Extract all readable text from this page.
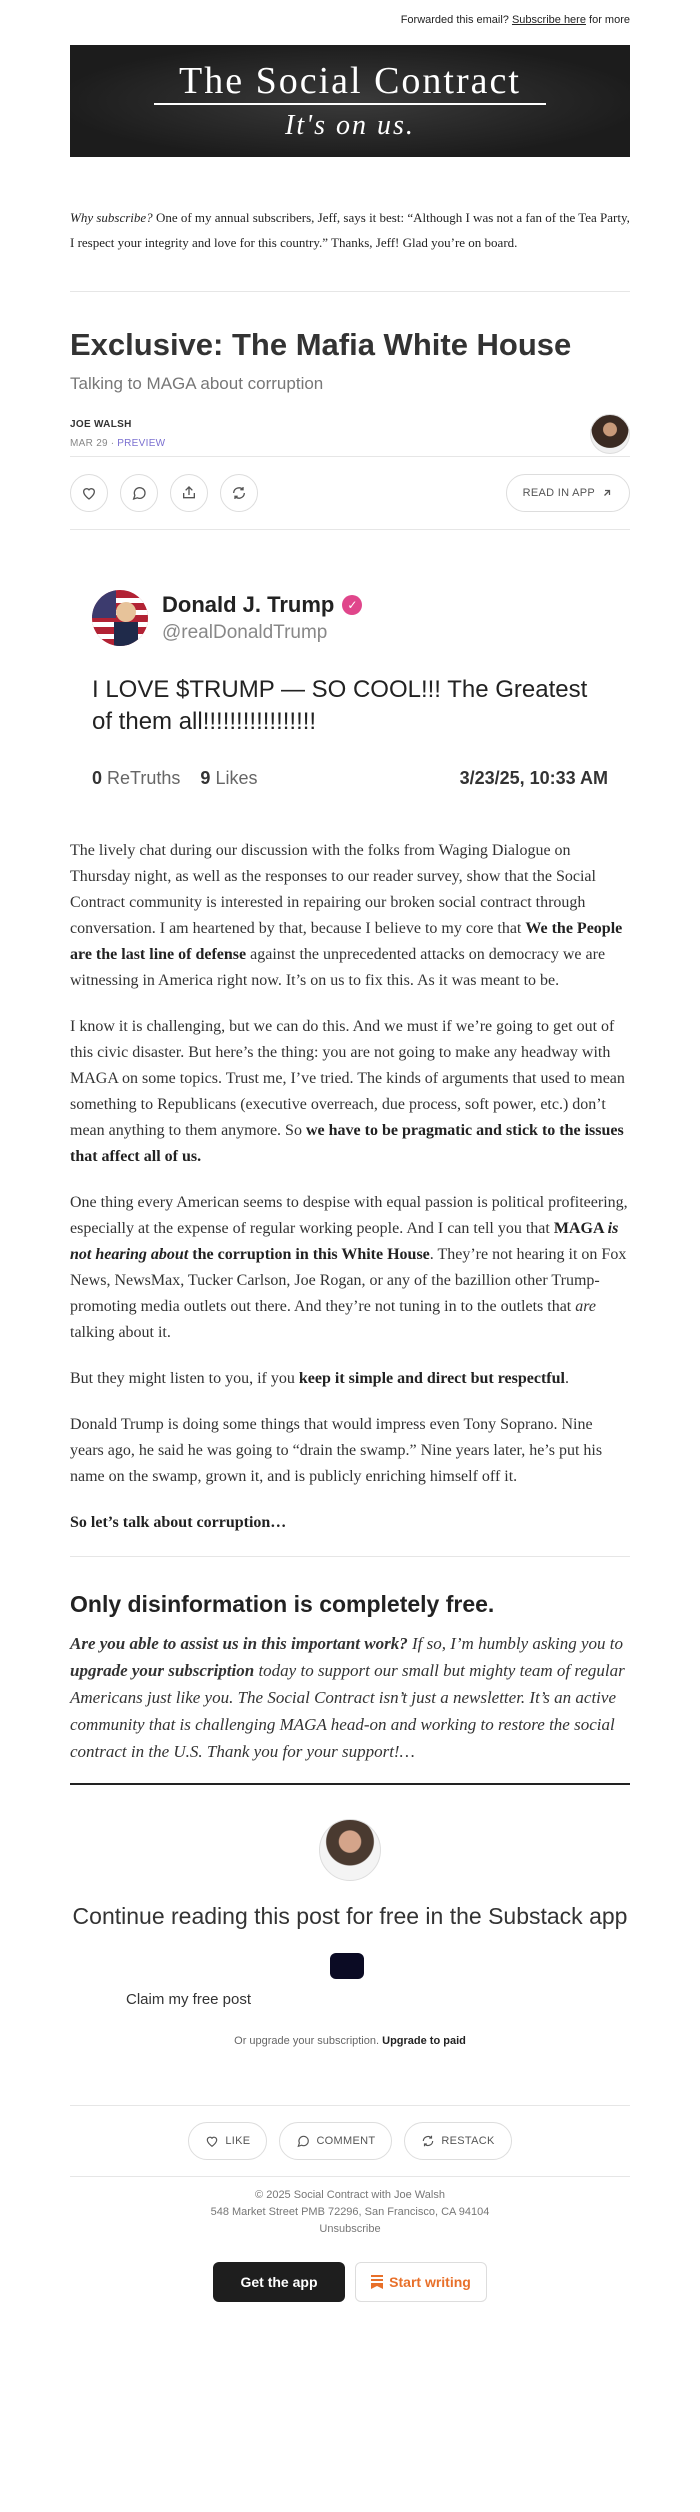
Forwarded this email? Subscribe here for more
The Social Contract
It's on us.
Why subscribe? One of my annual subscribers, Jeff, says it best: “Although I was not a fan of the Tea Party, I respect your integrity and love for this country.” Thanks, Jeff! Glad you’re on board.
Exclusive: The Mafia White House
Talking to MAGA about corruption
JOE WALSH
MAR 29 ∙ PREVIEW
READ IN APP
Donald J. Trump	✓
@realDonaldTrump
I LOVE $TRUMP — SO COOL!!! The Greatest of them all!!!!!!!!!!!!!!!!!
0 ReTruths 9 Likes	3/23/25, 10:33 AM

The lively chat during our discussion with the folks from Waging Dialogue on Thursday night, as well as the responses to our reader survey, show that the Social Contract community is interested in repairing our broken social contract through conversation. I am heartened by that, because I believe to my core that We the People are the last line of defense against the unprecedented attacks on democracy we are witnessing in America right now. It’s on us to fix this. As it was meant to be.

I know it is challenging, but we can do this. And we must if we’re going to get out of this civic disaster. But here’s the thing: you are not going to make any headway with MAGA on some topics. Trust me, I’ve tried. The kinds of arguments that used to mean something to Republicans (executive overreach, due process, soft power, etc.) don’t mean anything to them anymore. So we have to be pragmatic and stick to the issues that affect all of us.

One thing every American seems to despise with equal passion is political profiteering, especially at the expense of regular working people. And I can tell you that MAGA is not hearing about the corruption in this White House. They’re not hearing it on Fox News, NewsMax, Tucker Carlson, Joe Rogan, or any of the bazillion other Trump-promoting media outlets out there. And they’re not tuning in to the outlets that are talking about it.

But they might listen to you, if you keep it simple and direct but respectful.

Donald Trump is doing some things that would impress even Tony Soprano. Nine years ago, he said he was going to “drain the swamp.” Nine years later, he’s put his name on the swamp, grown it, and is publicly enriching himself off it.

So let’s talk about corruption…

Only disinformation is completely free.

Are you able to assist us in this important work? If so, I’m humbly asking you to upgrade your subscription today to support our small but mighty team of regular Americans just like you. The Social Contract isn’t just a newsletter. It’s an active community that is challenging MAGA head-on and working to restore the social contract in the U.S. Thank you for your support!…

Continue reading this post for free in the Substack app
Claim my free post
Or upgrade your subscription. Upgrade to paid
LIKE	COMMENT	RESTACK
© 2025 Social Contract with Joe Walsh
548 Market Street PMB 72296, San Francisco, CA 94104
Unsubscribe
Get the app	Start writing
